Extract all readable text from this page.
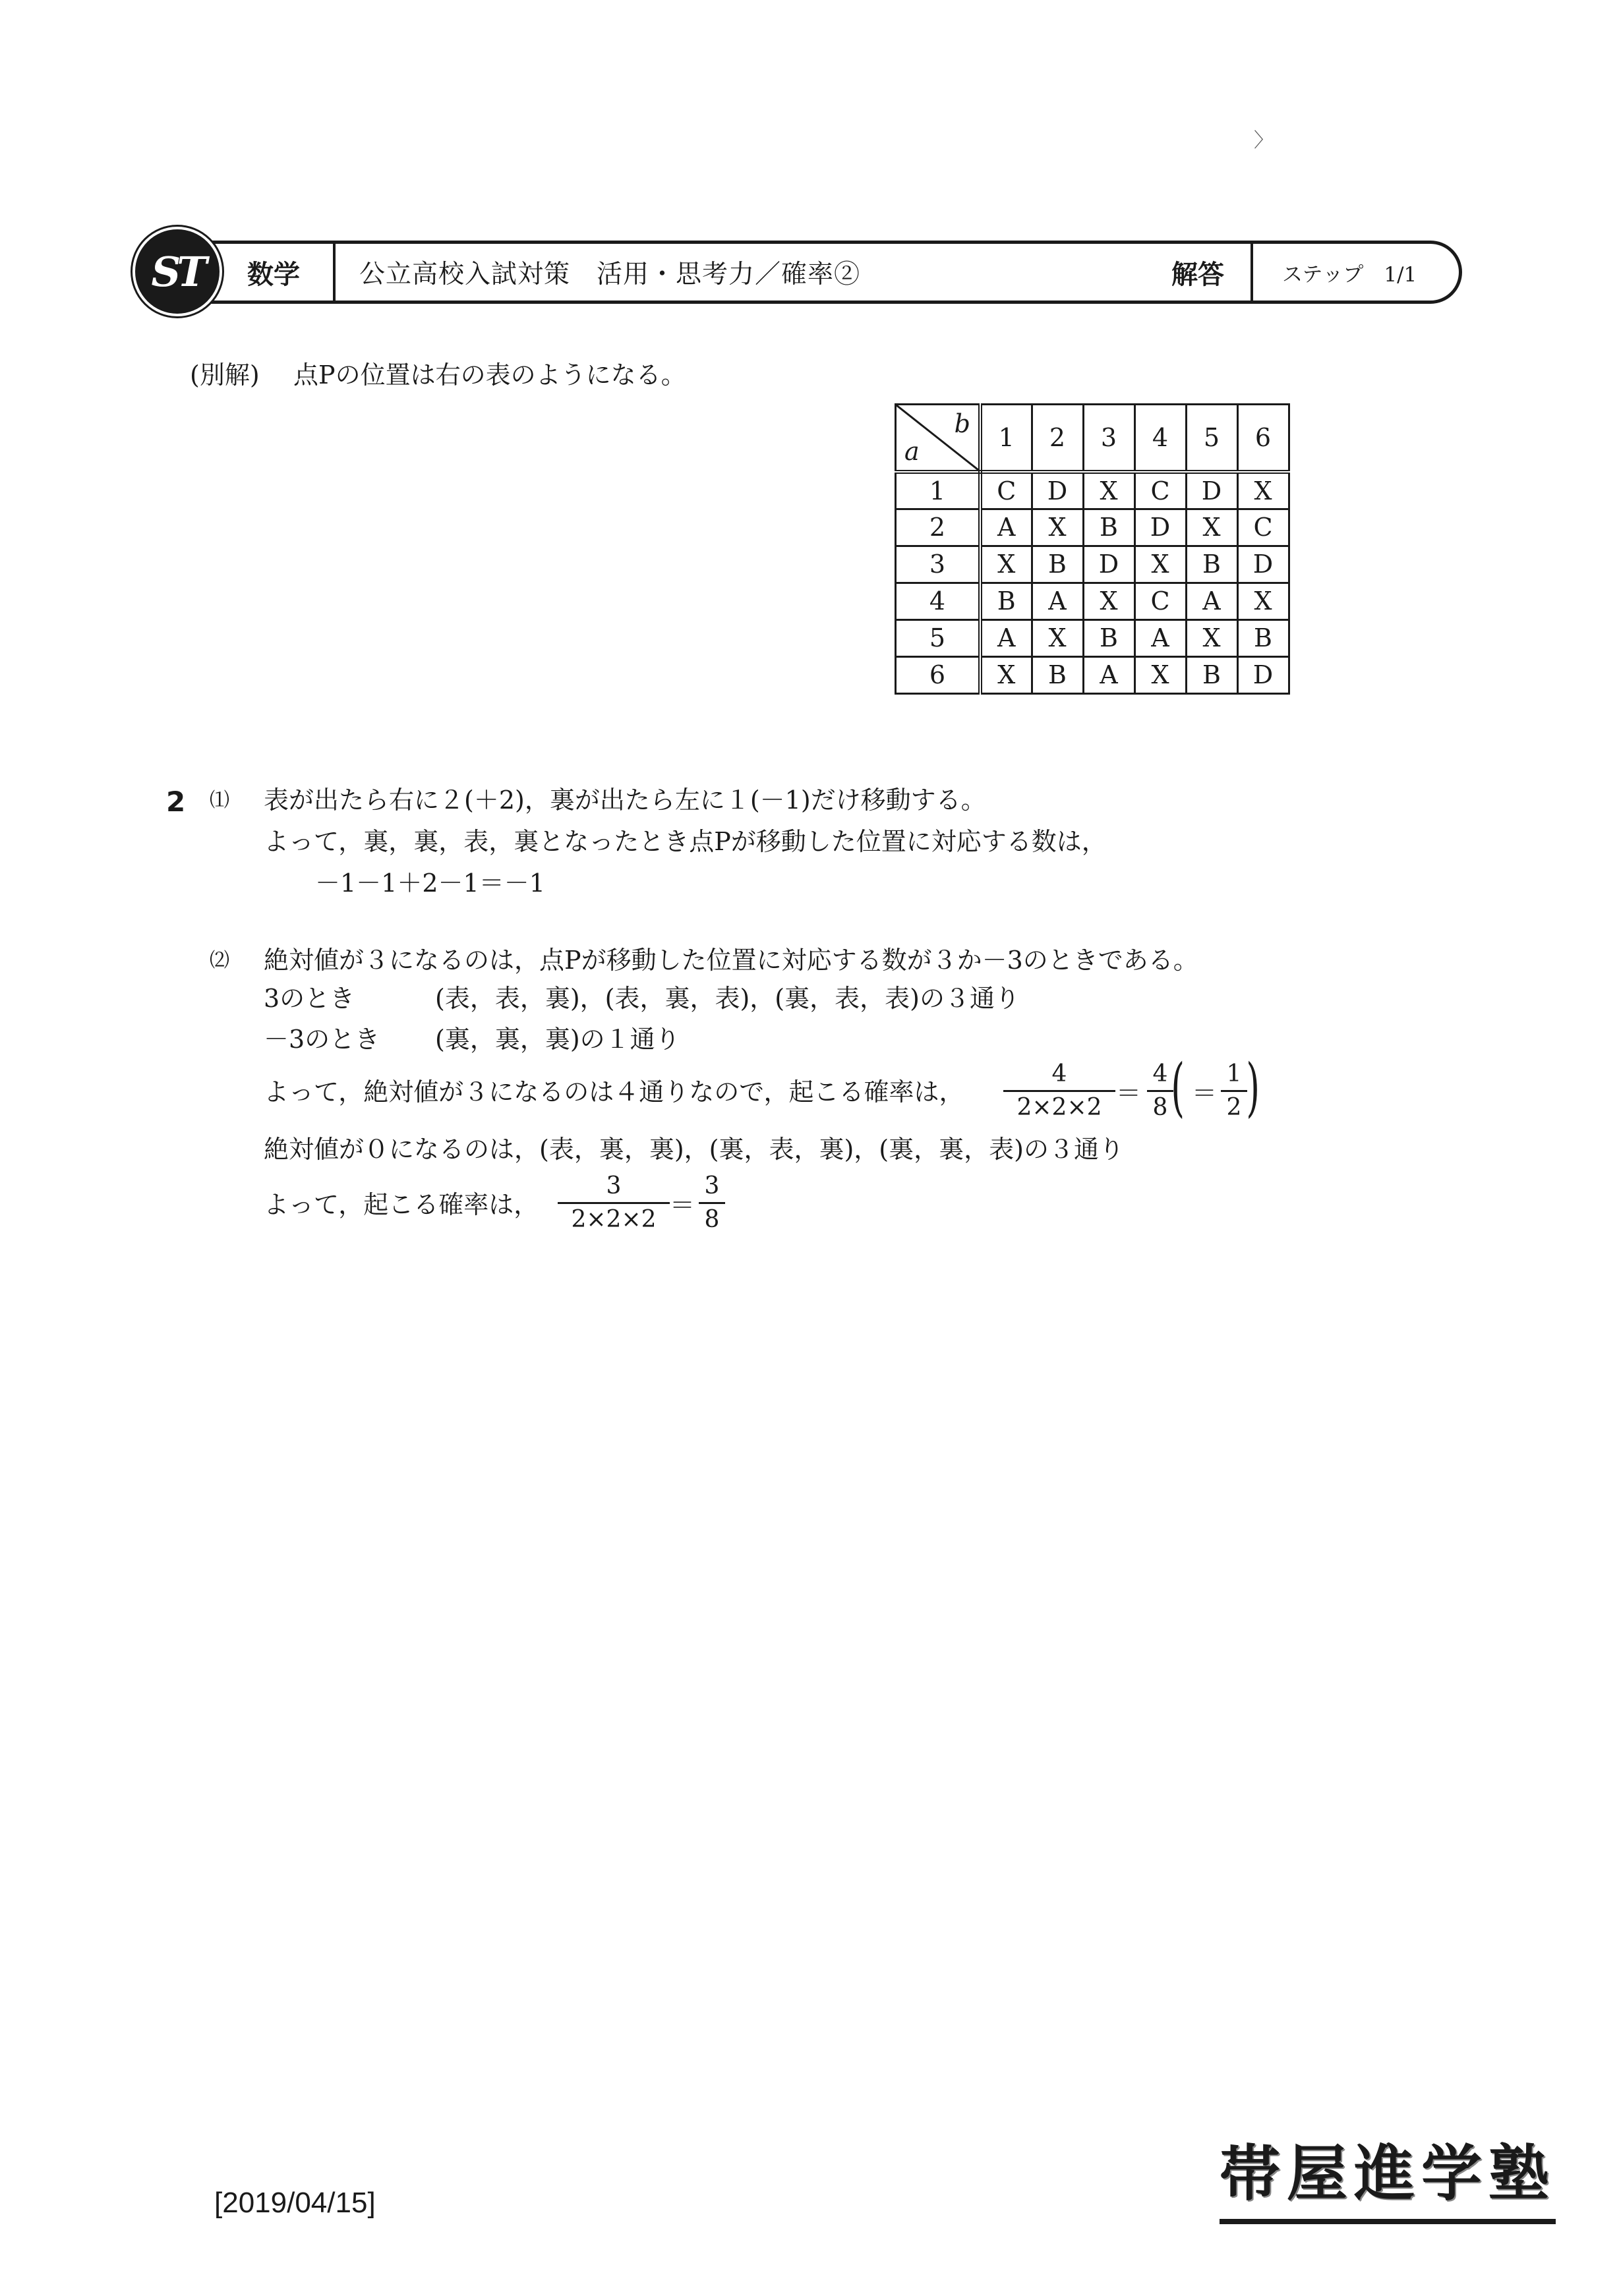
〉
ST	数学 公立高校入試対策　活用・思考力／確率②	解答	ステップ　1/1
(別解) 点Pの位置は右の表のようになる。
b
a	1	2	3	4	5	6
1	C	D	X	C	D	X
2	A	X	B	D	X	C
3	X	B	D	X	B	D
4	B	A	X	C	A	X
5	A	X	B	A	X	B
6	X	B	A	X	B	D
2 ⑴ 表が出たら右に２(＋2)，裏が出たら左に１(－1)だけ移動する。
よって，裏，裏，表，裏となったとき点Pが移動した位置に対応する数は，
－1－1＋2－1＝－1
⑵ 絶対値が３になるのは，点Pが移動した位置に対応する数が３か－3のときである。
3のとき	(表，表，裏)，(表，裏，表)，(裏，表，表)の３通り
－3のとき (裏，裏，裏)の１通り
よって，絶対値が３になるのは４通りなので，起こる確率は，
4
2×2×2 ＝
4
8 ( ＝
1
2 )
絶対値が０になるのは，(表，裏，裏)，(裏，表，裏)，(裏，裏，表)の３通り
よって，起こる確率は，
3
2×2×2 ＝
3
8
[2019/04/15]	帯屋進学塾
